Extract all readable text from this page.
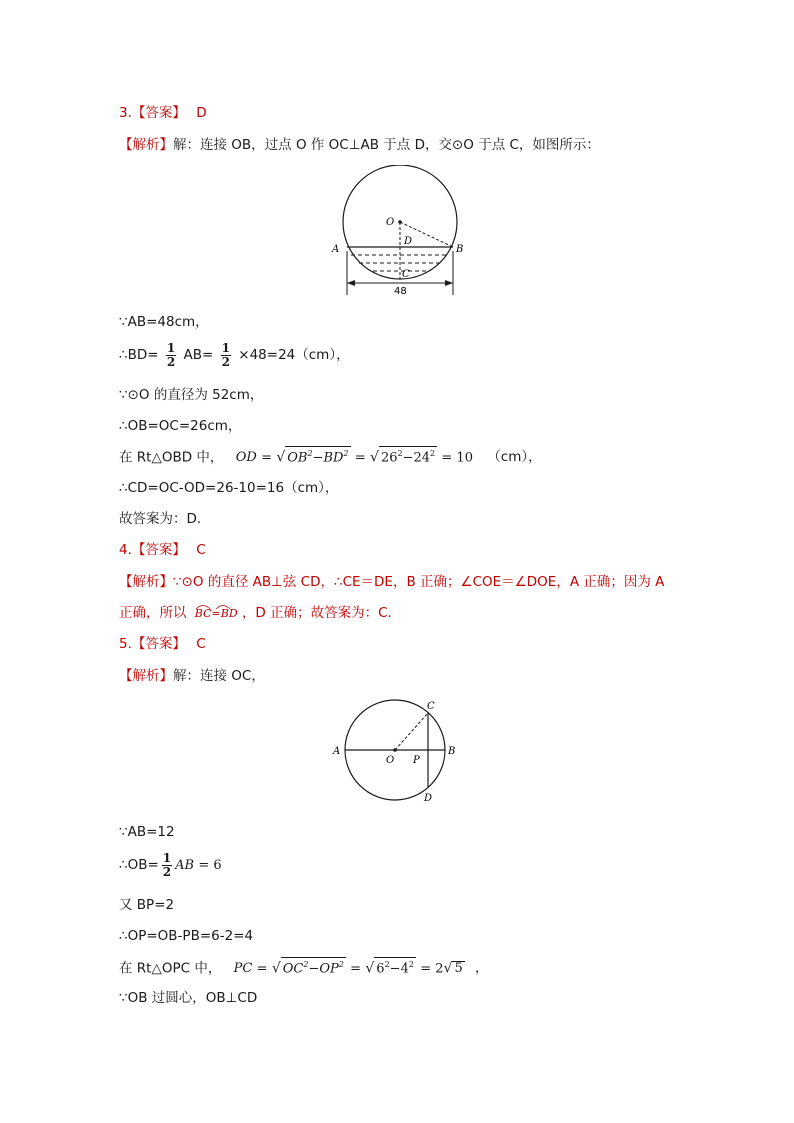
3.【答案】 D
【解析】解：连接 OB，过点 O 作 OC⊥AB 于点 D，交⊙O 于点 C，如图所示：
O
D
A	B
C
48
∵AB=48cm，
∴BD= $\frac{1}{2} AB= \frac{1}{2} \times 48=24(cm)$，
∵⊙O 的直径为 52cm，
∴OB=OC=26cm，
在 Rt△OBD 中， OD = √ $OB^2-BD^2$ = √ $26^2-24^2 = 10$ （cm），
∴CD=OC-OD=26-10=16（cm），
故答案为：D.
4.【答案】 C
【解析】∵⊙O 的直径 AB⊥弦 CD，∴CE＝DE，B 正确；∠COE＝∠DOE，A 正确；因为 A
正确，所以 BC=BD ，D 正确；故答案为：C.
5.【答案】 C
【解析】解：连接 OC，
A	B
O P
C
D
∵AB=12
∴OB= $\frac{1}{2}$ AB = 6
又 BP=2
∴OP=OB-PB=6-2=4
在 Rt△OPC 中， PC = √ $OC^2-OP^2$ = √ $6^2-4^2 = 2√$ 5 ，
∵OB 过圆心，OB⊥CD
